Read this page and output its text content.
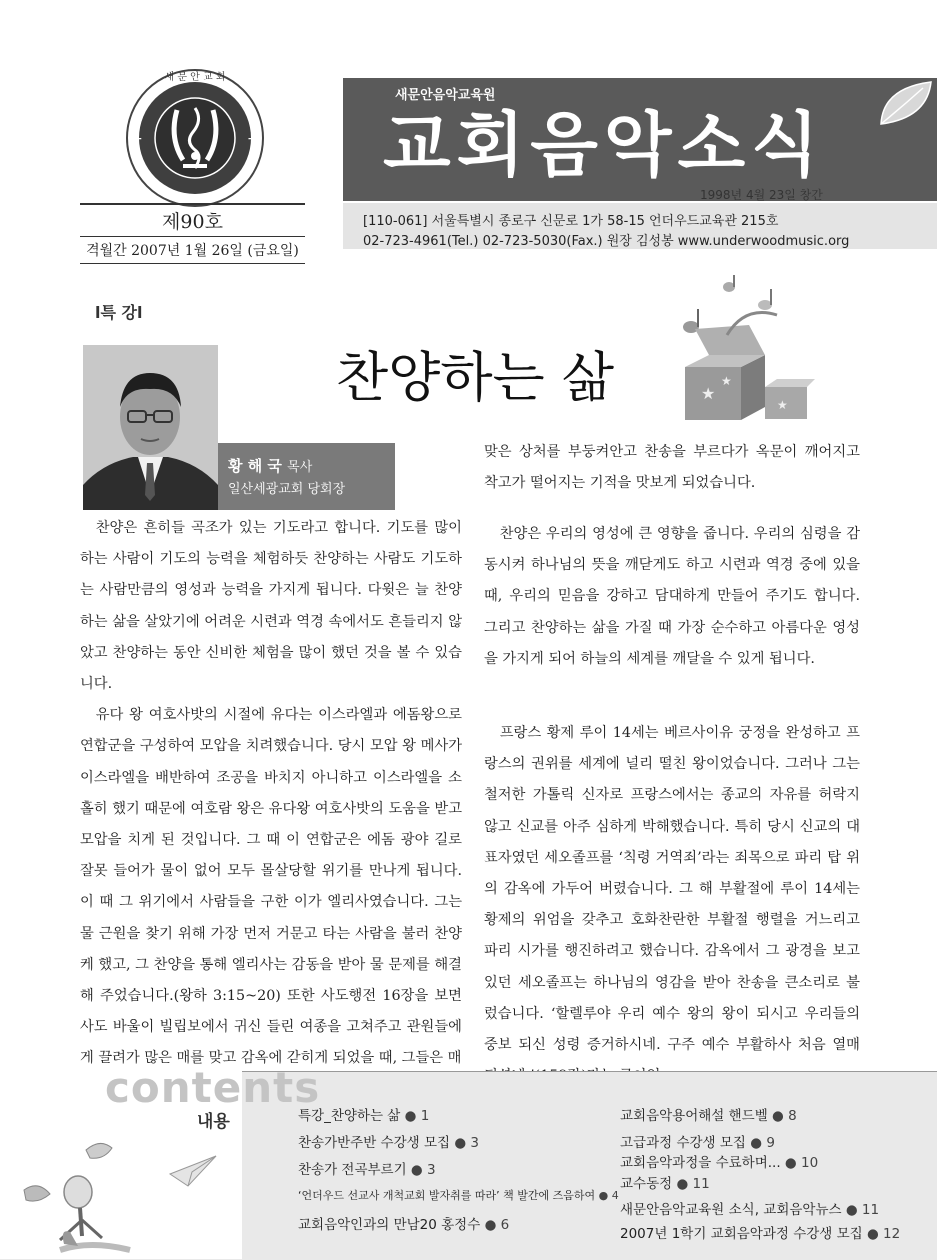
+	+
새 문 안 교 회
제90호
격월간 2007년 1월 26일 (금요일)
새문안음악교육원
교회음악소식
1998년 4월 23일 창간
[110-061] 서울특별시 종로구 신문로 1가 58-15 언더우드교육관 215호
02-723-4961(Tel.) 02-723-5030(Fax.) 원장 김성봉 www.underwoodmusic.org
l특 강l
찬양하는 삶
황 해 국 목사
일산세광교회 당회장
★
★
★

찬양은 흔히들 곡조가 있는 기도라고 합니다. 기도를 많이 하는 사람이 기도의 능력을 체험하듯 찬양하는 사람도 기도하는 사람만큼의 영성과 능력을 가지게 됩니다. 다윗은 늘 찬양하는 삶을 살았기에 어려운 시련과 역경 속에서도 흔들리지 않았고 찬양하는 동안 신비한 체험을 많이 했던 것을 볼 수 있습니다.

유다 왕 여호사밧의 시절에 유다는 이스라엘과 에돔왕으로 연합군을 구성하여 모압을 치려했습니다. 당시 모압 왕 메사가 이스라엘을 배반하여 조공을 바치지 아니하고 이스라엘을 소홀히 했기 때문에 여호람 왕은 유다왕 여호사밧의 도움을 받고 모압을 치게 된 것입니다. 그 때 이 연합군은 에돔 광야 길로 잘못 들어가 물이 없어 모두 몰살당할 위기를 만나게 됩니다. 이 때 그 위기에서 사람들을 구한 이가 엘리사였습니다. 그는 물 근원을 찾기 위해 가장 먼저 거문고 타는 사람을 불러 찬양케 했고, 그 찬양을 통해 엘리사는 감동을 받아 물 문제를 해결해 주었습니다.(왕하 3:15~20) 또한 사도행전 16장을 보면 사도 바울이 빌립보에서 귀신 들린 여종을 고쳐주고 관원들에게 끌려가 많은 매를 맞고 감옥에 갇히게 되었을 때, 그들은 매

맞은 상처를 부둥켜안고 찬송을 부르다가 옥문이 깨어지고 착고가 떨어지는 기적을 맛보게 되었습니다.

찬양은 우리의 영성에 큰 영향을 줍니다. 우리의 심령을 감동시켜 하나님의 뜻을 깨닫게도 하고 시련과 역경 중에 있을 때, 우리의 믿음을 강하고 담대하게 만들어 주기도 합니다. 그리고 찬양하는 삶을 가질 때 가장 순수하고 아름다운 영성을 가지게 되어 하늘의 세계를 깨달을 수 있게 됩니다.

프랑스 황제 루이 14세는 베르사이유 궁정을 완성하고 프랑스의 권위를 세계에 널리 떨친 왕이었습니다. 그러나 그는 철저한 가톨릭 신자로 프랑스에서는 종교의 자유를 허락지 않고 신교를 아주 심하게 박해했습니다. 특히 당시 신교의 대표자였던 세오졸프를 ‘칙령 거역죄’라는 죄목으로 파리 탑 위의 감옥에 가두어 버렸습니다. 그 해 부활절에 루이 14세는 황제의 위엄을 갖추고 호화찬란한 부활절 행렬을 거느리고 파리 시가를 행진하려고 했습니다. 감옥에서 그 광경을 보고 있던 세오졸프는 하나님의 영감을 받아 찬송을 큰소리로 불렀습니다. ‘할렐루야 우리 예수 왕의 왕이 되시고 우리들의 중보 되신 성령 증거하시네. 구주 예수 부활하사 처음 열매

contents
내용	특강_찬양하는 삶 ● 1
찬송가반주반 수강생 모집 ● 3
찬송가 전곡부르기 ● 3
‘언더우드 선교사 개척교회 발자취를 따라’ 책 발간에 즈음하여 ● 4
교회음악인과의 만남20 홍정수 ● 6
교회음악용어해설 핸드벨 ● 8
고급과정 수강생 모집 ● 9
교회음악과정을 수료하며... ● 10
교수동정 ● 11
새문안음악교육원 소식, 교회음악뉴스 ● 11
2007년 1학기 교회음악과정 수강생 모집 ● 12
